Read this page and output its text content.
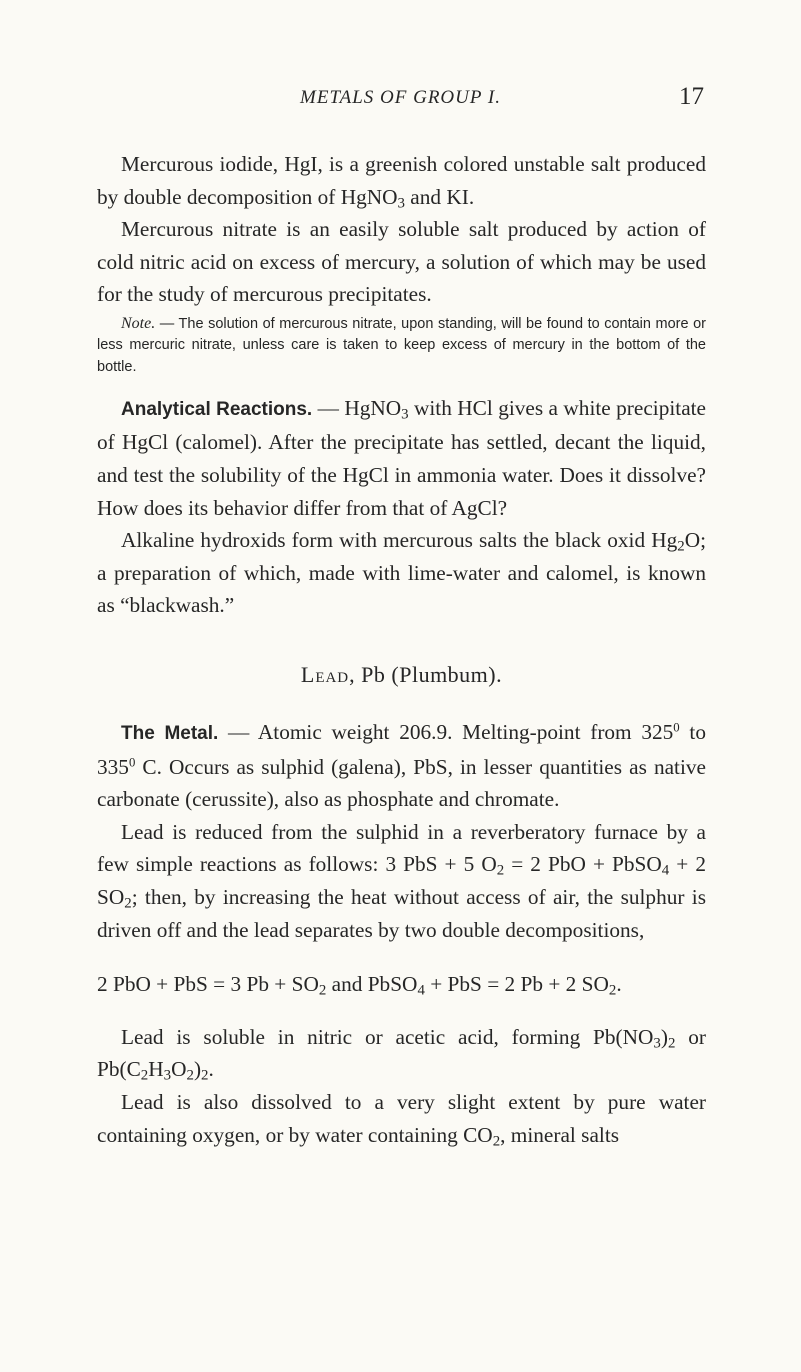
METALS OF GROUP I.	17

Mercurous iodide, HgI, is a greenish colored unstable salt produced by double decomposition of HgNO$_3$ and KI.

Mercurous nitrate is an easily soluble salt produced by action of cold nitric acid on excess of mercury, a solution of which may be used for the study of mercurous precipitates.

Note. — The solution of mercurous nitrate, upon standing, will be found to contain more or less mercuric nitrate, unless care is taken to keep excess of mercury in the bottom of the bottle.

Analytical Reactions. — HgNO$_3$ with HCl gives a white precipitate of HgCl (calomel). After the precipitate has settled, decant the liquid, and test the solubility of the HgCl in ammonia water. Does it dissolve? How does its behavior differ from that of AgCl?

Alkaline hydroxids form with mercurous salts the black oxid $Hg_2O$; a preparation of which, made with lime-water and calomel, is known as “blackwash.”

Lead, Pb (Plumbum).

The Metal. — Atomic weight 206.9. Melting-point from $325^0$ to $335^0$ C. Occurs as sulphid (galena), PbS, in lesser quantities as native carbonate (cerussite), also as phosphate and chromate.

Lead is reduced from the sulphid in a reverberatory furnace by a few simple reactions as follows: 3 PbS + 5 $O_2 = 2$ PbO + PbSO$_4$ + 2 $SO_2$; then, by increasing the heat without access of air, the sulphur is driven off and the lead separates by two double decompositions,

2 PbO + PbS = 3 $Pb + SO_2$ and PbSO$_4$ + PbS = 2 Pb + 2 $SO_2$.

Lead is soluble in nitric or acetic acid, forming $Pb(NO_3)_2$ or $Pb(C_2H_3O_2)_2$.

Lead is also dissolved to a very slight extent by pure water containing oxygen, or by water containing $CO_2$, mineral salts
